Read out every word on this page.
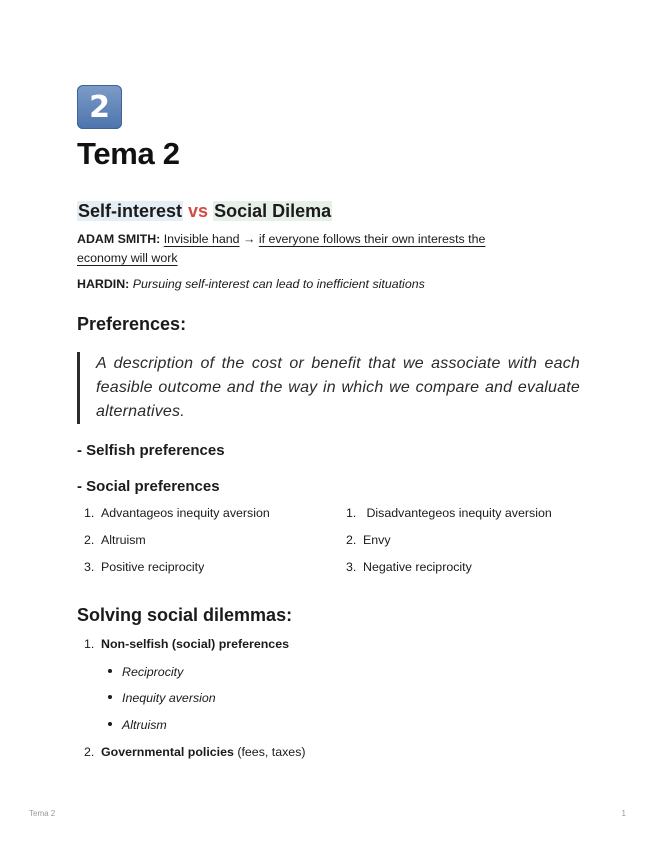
2
Tema 2
Self-interest vs Social Dilema
ADAM SMITH: Invisible hand → if everyone follows their own interests the
economy will work
HARDIN: Pursuing self-interest can lead to inefficient situations
Preferences:

A description of the cost or benefit that we associate with each feasible outcome and the way in which we compare and evaluate alternatives.

- Selfish preferences
- Social preferences
1. Advantageos inequity aversion
2. Altruism
3. Positive reciprocity
1. Disadvantegeos inequity aversion
2. Envy
3. Negative reciprocity
Solving social dilemmas:
1. Non-selfish (social) preferences
Reciprocity
Inequity aversion
Altruism
2. Governmental policies (fees, taxes)
Tema 2	1
